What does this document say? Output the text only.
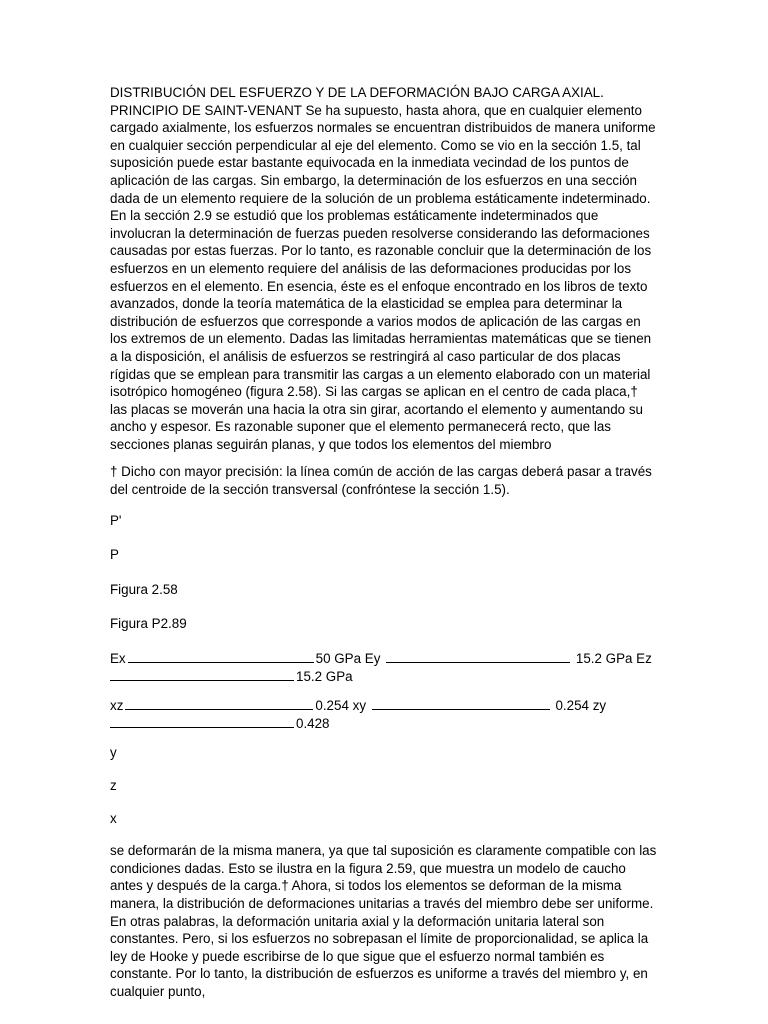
DISTRIBUCIÓN DEL ESFUERZO Y DE LA DEFORMACIÓN BAJO CARGA AXIAL. PRINCIPIO DE SAINT-VENANT Se ha supuesto, hasta ahora, que en cualquier elemento cargado axialmente, los esfuerzos normales se encuentran distribuidos de manera uniforme en cualquier sección perpendicular al eje del elemento. Como se vio en la sección 1.5, tal suposición puede estar bastante equivocada en la inmediata vecindad de los puntos de aplicación de las cargas. Sin embargo, la determinación de los esfuerzos en una sección dada de un elemento requiere de la solución de un problema estáticamente indeterminado. En la sección 2.9 se estudió que los problemas estáticamente indeterminados que involucran la determinación de fuerzas pueden resolverse considerando las deformaciones causadas por estas fuerzas. Por lo tanto, es razonable concluir que la determinación de los esfuerzos en un elemento requiere del análisis de las deformaciones producidas por los esfuerzos en el elemento. En esencia, éste es el enfoque encontrado en los libros de texto avanzados, donde la teoría matemática de la elasticidad se emplea para determinar la distribución de esfuerzos que corresponde a varios modos de aplicación de las cargas en los extremos de un elemento. Dadas las limitadas herramientas matemáticas que se tienen a la disposición, el análisis de esfuerzos se restringirá al caso particular de dos placas rígidas que se emplean para transmitir las cargas a un elemento elaborado con un material isotrópico homogéneo (figura 2.58). Si las cargas se aplican en el centro de cada placa,† las placas se moverán una hacia la otra sin girar, acortando el elemento y aumentando su ancho y espesor. Es razonable suponer que el elemento permanecerá recto, que las secciones planas seguirán planas, y que todos los elementos del miembro

† Dicho con mayor precisión: la línea común de acción de las cargas deberá pasar a través del centroide de la sección transversal (confróntese la sección 1.5).

P'
P
Figura 2.58
Figura P2.89
Ex	50 GPa Ey	15.2 GPa Ez
15.2 GPa
xz	0.254 xy	0.254 zy
0.428
y
z
x

se deformarán de la misma manera, ya que tal suposición es claramente compatible con las condiciones dadas. Esto se ilustra en la figura 2.59, que muestra un modelo de caucho antes y después de la carga.† Ahora, si todos los elementos se deforman de la misma manera, la distribución de deformaciones unitarias a través del miembro debe ser uniforme. En otras palabras, la deformación unitaria axial y la deformación unitaria lateral son constantes. Pero, si los esfuerzos no sobrepasan el límite de proporcionalidad, se aplica la ley de Hooke y puede escribirse de lo que sigue que el esfuerzo normal también es constante. Por lo tanto, la distribución de esfuerzos es uniforme a través del miembro y, en cualquier punto,
